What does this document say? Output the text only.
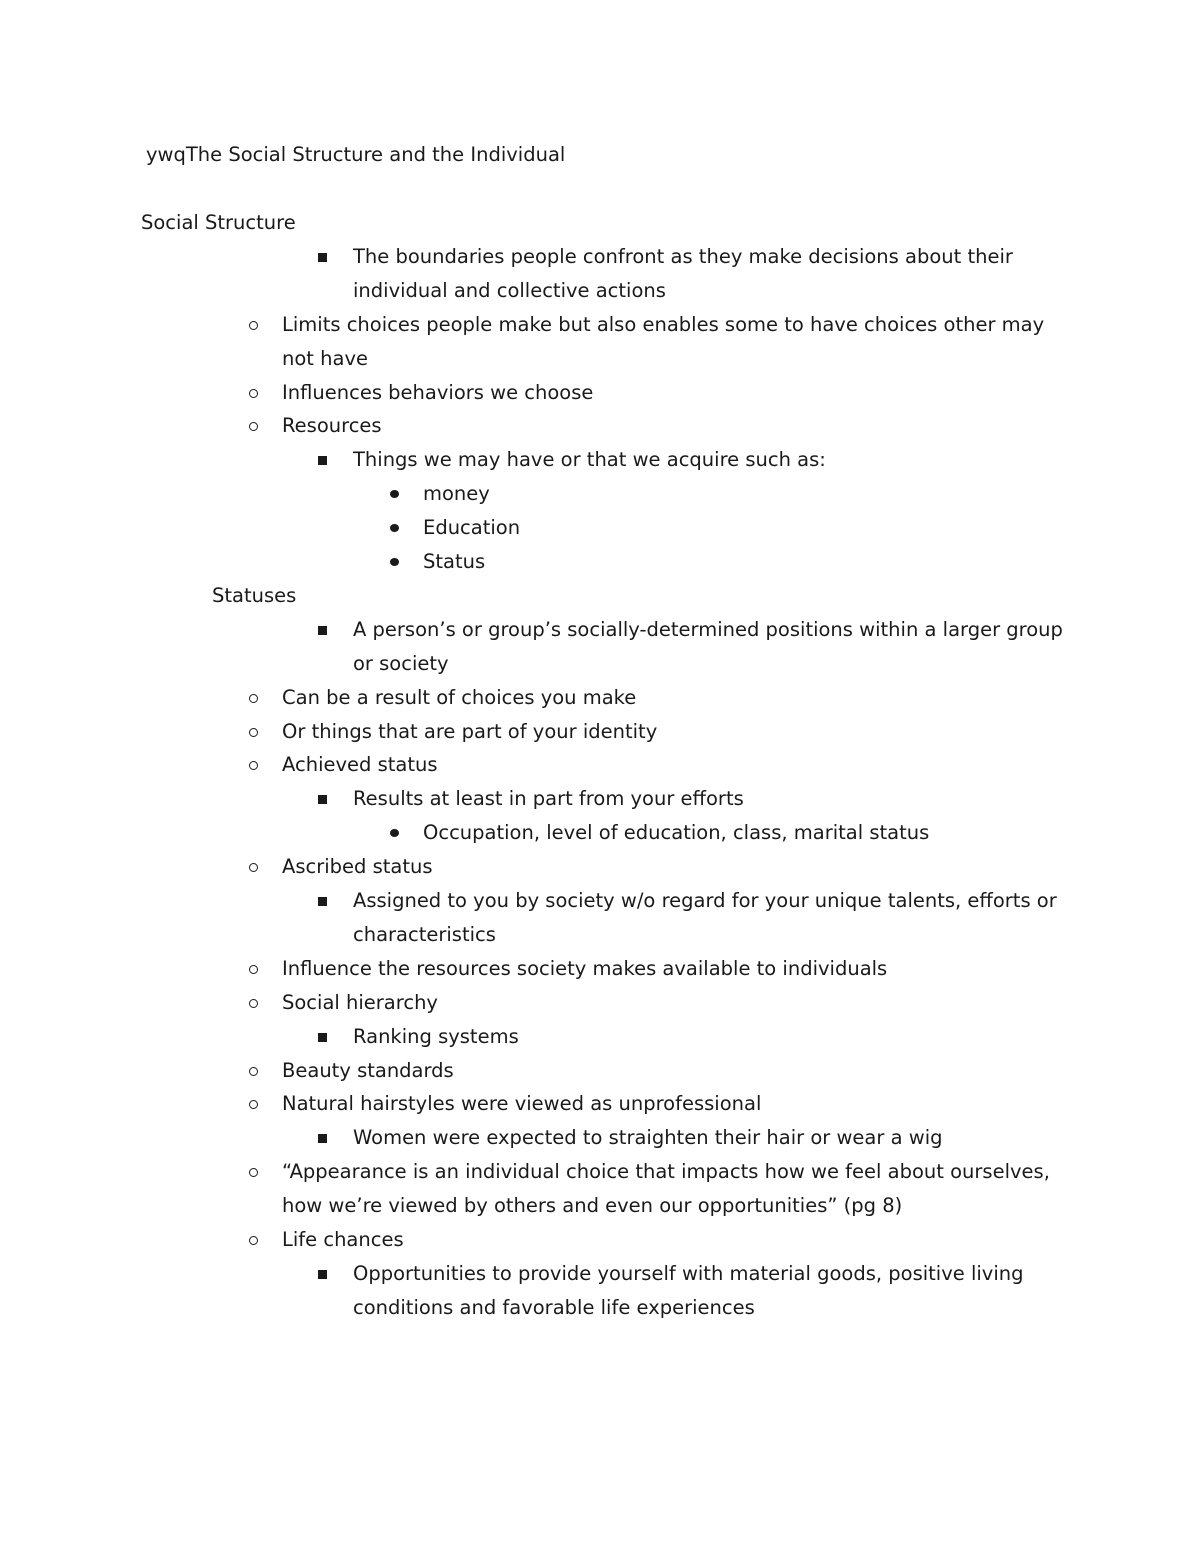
ywqThe Social Structure and the Individual
Social Structure
The boundaries people confront as they make decisions about their
individual and collective actions
Limits choices people make but also enables some to have choices other may
not have
Influences behaviors we choose
Resources
Things we may have or that we acquire such as:
money
Education
Status
Statuses
A person’s or group’s socially-determined positions within a larger group
or society
Can be a result of choices you make
Or things that are part of your identity
Achieved status
Results at least in part from your efforts
Occupation, level of education, class, marital status
Ascribed status
Assigned to you by society w/o regard for your unique talents, efforts or
characteristics
Influence the resources society makes available to individuals
Social hierarchy
Ranking systems
Beauty standards
Natural hairstyles were viewed as unprofessional
Women were expected to straighten their hair or wear a wig
“Appearance is an individual choice that impacts how we feel about ourselves,
how we’re viewed by others and even our opportunities” (pg 8)
Life chances
Opportunities to provide yourself with material goods, positive living
conditions and favorable life experiences
